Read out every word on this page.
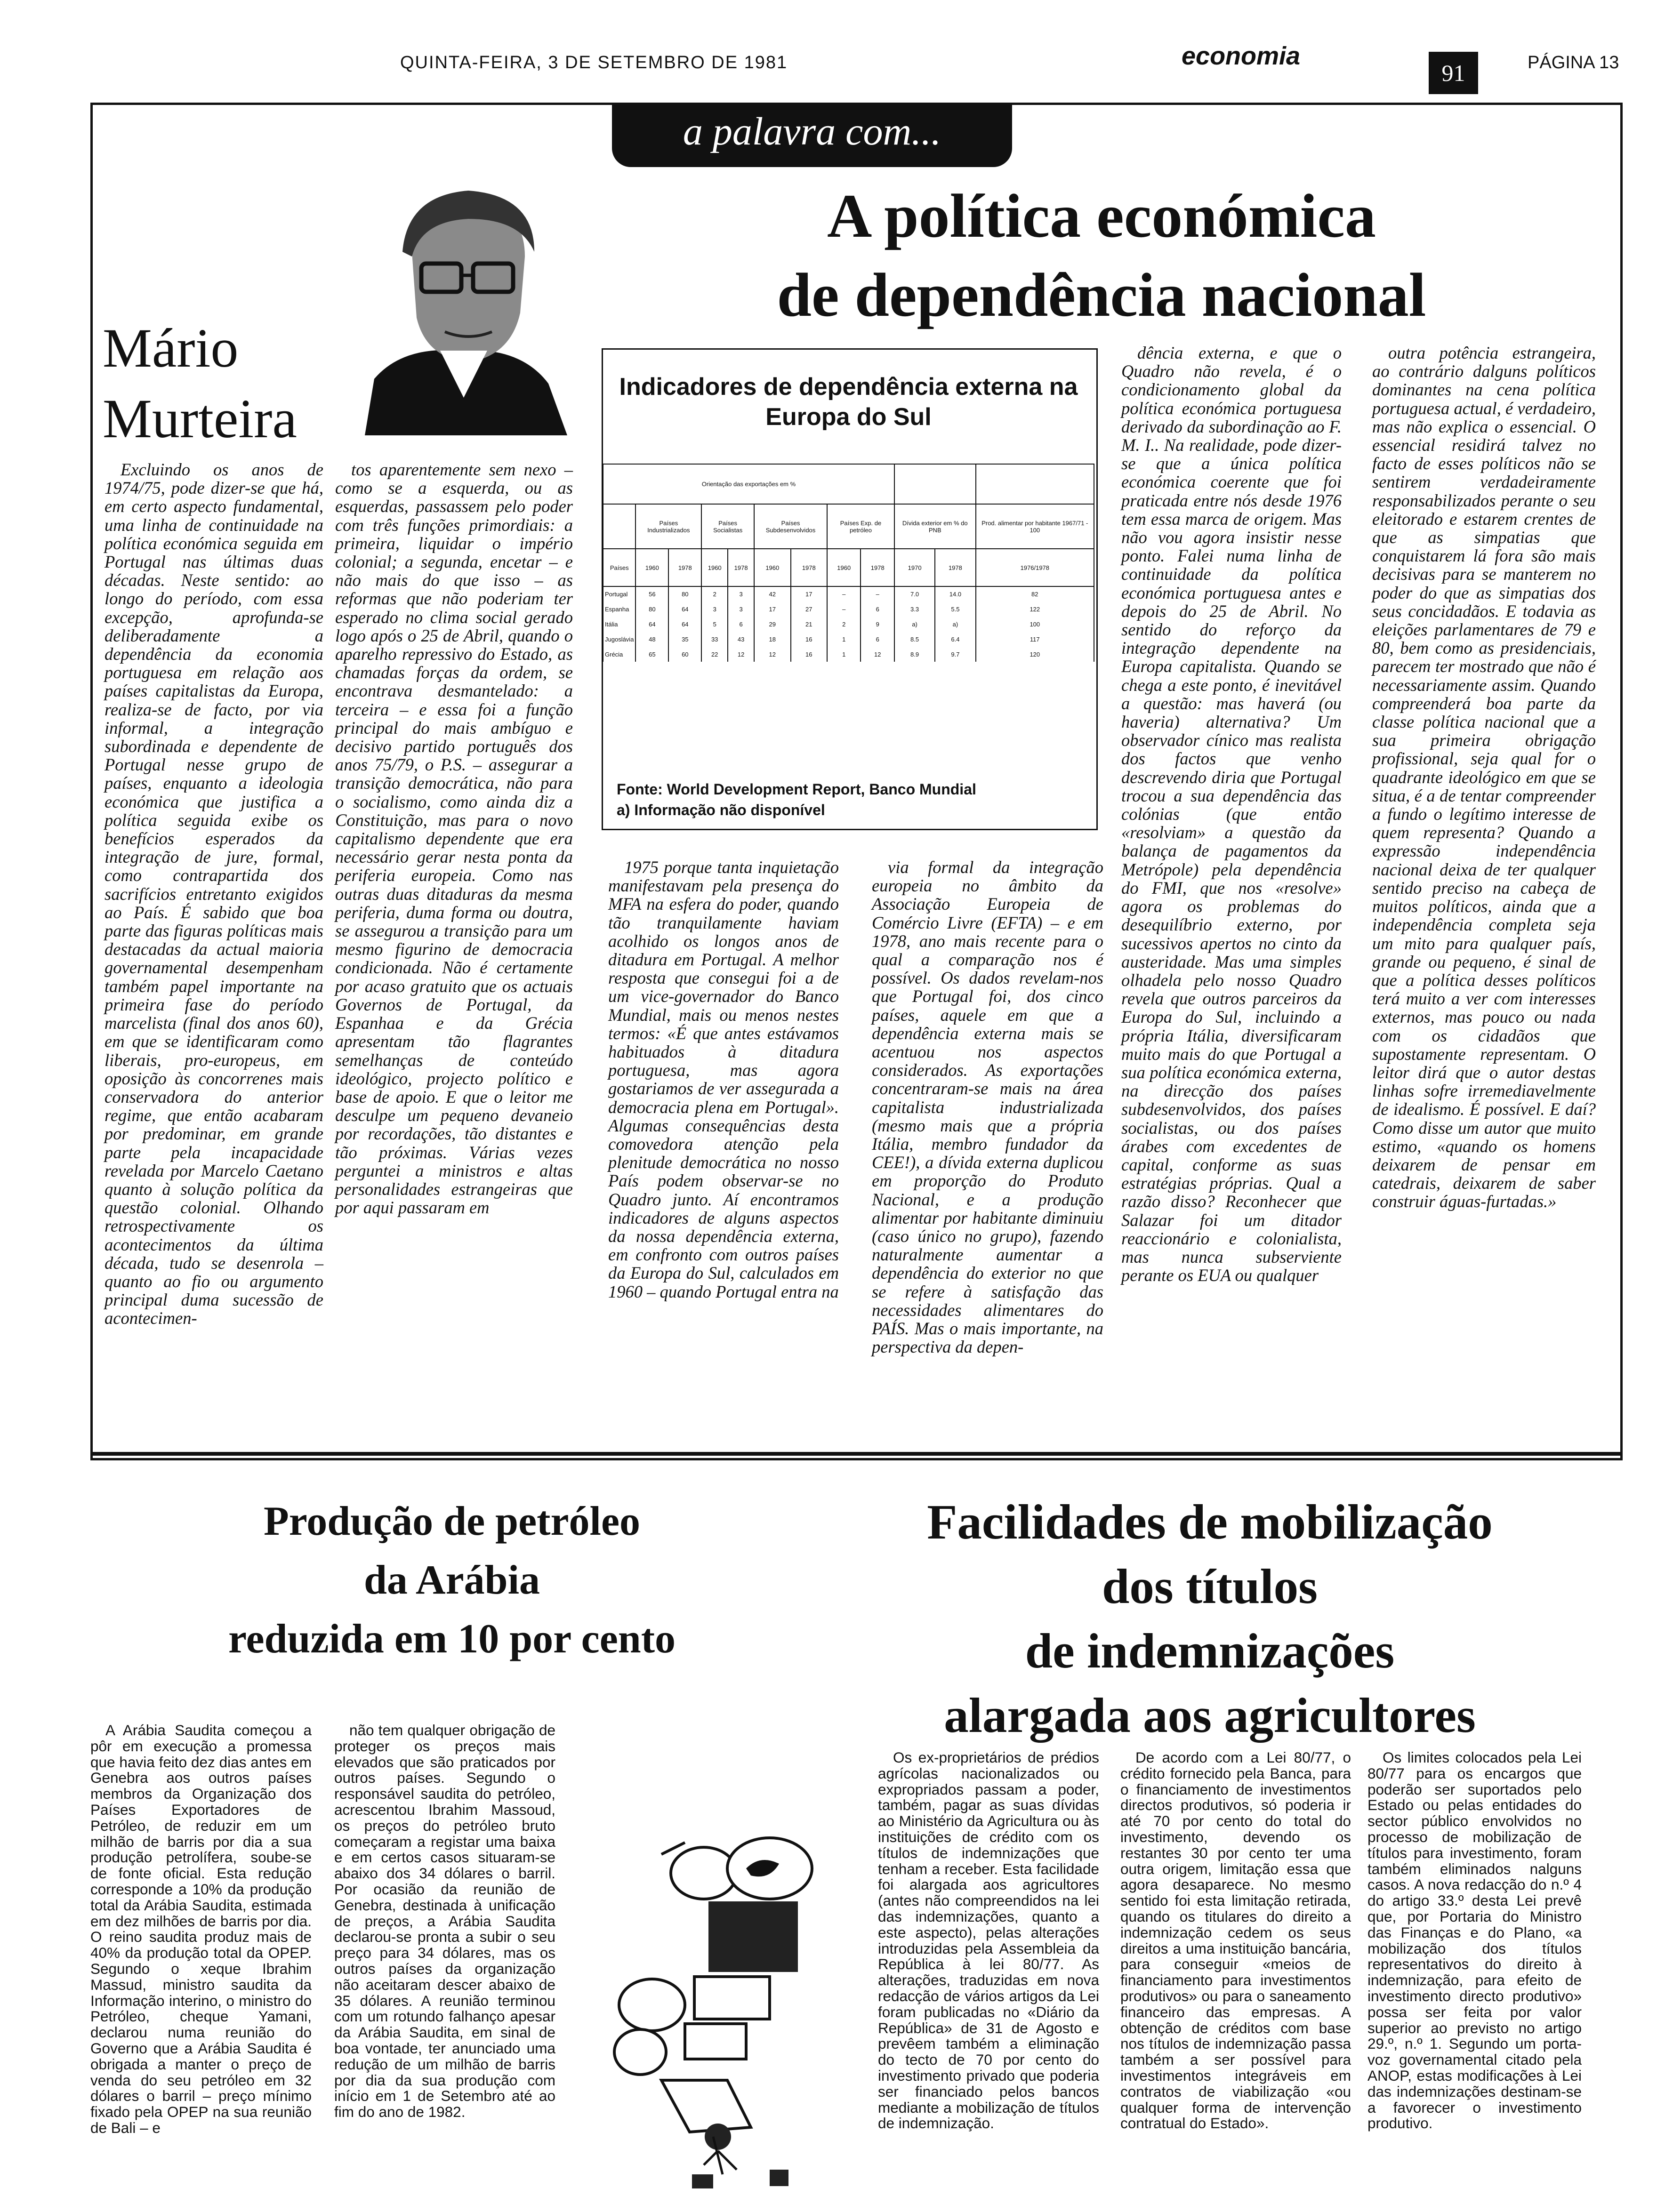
QUINTA-FEIRA, 3 DE SETEMBRO DE 1981	economia
91	PÁGINA 13
a palavra com...
A política económica
de dependência nacional
Mário
Murteira

Excluindo os anos de 1974/75, pode dizer-se que há, em certo aspecto fundamental, uma linha de continuidade na política económica seguida em Portugal nas últimas duas décadas. Neste sentido: ao longo do período, com essa excepção, aprofunda-se deliberadamente a dependência da economia portuguesa em relação aos países capitalistas da Europa, realiza-se de facto, por via informal, a integração subordinada e dependente de Portugal nesse grupo de países, enquanto a ideologia económica que justifica a política seguida exibe os benefícios esperados da integração de jure, formal, como contrapartida dos sacrifícios entretanto exigidos ao País. É sabido que boa parte das figuras políticas mais destacadas da actual maioria governamental desempenham também papel importante na primeira fase do período marcelista (final dos anos 60), em que se identificaram como liberais, pro-europeus, em oposição às concorrenes mais conservadora do anterior regime, que então acabaram por predominar, em grande parte pela incapacidade revelada por Marcelo Caetano quanto à solução política da questão colonial. Olhando retrospectivamente os acontecimentos da última década, tudo se desenrola – quanto ao fio ou argumento principal duma sucessão de acontecimen-

tos aparentemente sem nexo – como se a esquerda, ou as esquerdas, passassem pelo poder com três funções primordiais: a primeira, liquidar o império colonial; a segunda, encetar – e não mais do que isso – as reformas que não poderiam ter esperado no clima social gerado logo após o 25 de Abril, quando o aparelho repressivo do Estado, as chamadas forças da ordem, se encontrava desmantelado: a terceira – e essa foi a função principal do mais ambíguo e decisivo partido português dos anos 75/79, o P.S. – assegurar a transição democrática, não para o socialismo, como ainda diz a Constituição, mas para o novo capitalismo dependente que era necessário gerar nesta ponta da periferia europeia. Como nas outras duas ditaduras da mesma periferia, duma forma ou doutra, se assegurou a transição para um mesmo figurino de democracia condicionada. Não é certamente por acaso gratuito que os actuais Governos de Portugal, da Espanhaa e da Grécia apresentam tão flagrantes semelhanças de conteúdo ideológico, projecto político e base de apoio. E que o leitor me desculpe um pequeno devaneio por recordações, tão distantes e tão próximas. Várias vezes perguntei a ministros e altas personalidades estrangeiras que por aqui passaram em

1975 porque tanta inquietação manifestavam pela presença do MFA na esfera do poder, quando tão tranquilamente haviam acolhido os longos anos de ditadura em Portugal. A melhor resposta que consegui foi a de um vice-governador do Banco Mundial, mais ou menos nestes termos: «É que antes estávamos habituados à ditadura portuguesa, mas agora gostariamos de ver assegurada a democracia plena em Portugal». Algumas consequências desta comovedora atenção pela plenitude democrática no nosso País podem observar-se no Quadro junto. Aí encontramos indicadores de alguns aspectos da nossa dependência externa, em confronto com outros países da Europa do Sul, calculados em 1960 – quando Portugal entra na

via formal da integração europeia no âmbito da Associação Europeia de Comércio Livre (EFTA) – e em 1978, ano mais recente para o qual a comparação nos é possível. Os dados revelam-nos que Portugal foi, dos cinco países, aquele em que a dependência externa mais se acentuou nos aspectos considerados. As exportações concentraram-se mais na área capitalista industrializada (mesmo mais que a própria Itália, membro fundador da CEE!), a dívida externa duplicou em proporção do Produto Nacional, e a produção alimentar por habitante diminuiu (caso único no grupo), fazendo naturalmente aumentar a dependência do exterior no que se refere à satisfação das necessidades alimentares do PAÍS. Mas o mais importante, na perspectiva da depen-

dência externa, e que o Quadro não revela, é o condicionamento global da política económica portuguesa derivado da subordinação ao F. M. I.. Na realidade, pode dizer-se que a única política económica coerente que foi praticada entre nós desde 1976 tem essa marca de origem. Mas não vou agora insistir nesse ponto. Falei numa linha de continuidade da política económica portuguesa antes e depois do 25 de Abril. No sentido do reforço da integração dependente na Europa capitalista. Quando se chega a este ponto, é inevitável a questão: mas haverá (ou haveria) alternativa? Um observador cínico mas realista dos factos que venho descrevendo diria que Portugal trocou a sua dependência das colónias (que então «resolviam» a questão da balança de pagamentos da Metrópole) pela dependência do FMI, que nos «resolve» agora os problemas do desequilíbrio externo, por sucessivos apertos no cinto da austeridade. Mas uma simples olhadela pelo nosso Quadro revela que outros parceiros da Europa do Sul, incluindo a própria Itália, diversificaram muito mais do que Portugal a sua política económica externa, na direcção dos países subdesenvolvidos, dos países socialistas, ou dos países árabes com excedentes de capital, conforme as suas estratégias próprias. Qual a razão disso? Reconhecer que Salazar foi um ditador reaccionário e colonialista, mas nunca subserviente perante os EUA ou qualquer

outra potência estrangeira, ao contrário dalguns políticos dominantes na cena política portuguesa actual, é verdadeiro, mas não explica o essencial. O essencial residirá talvez no facto de esses políticos não se sentirem verdadeiramente responsabilizados perante o seu eleitorado e estarem crentes de que as simpatias que conquistarem lá fora são mais decisivas para se manterem no poder do que as simpatias dos seus concidadãos. E todavia as eleições parlamentares de 79 e 80, bem como as presidenciais, parecem ter mostrado que não é necessariamente assim. Quando compreenderá boa parte da classe política nacional que a sua primeira obrigação profissional, seja qual for o quadrante ideológico em que se situa, é a de tentar compreender a fundo o legítimo interesse de quem representa? Quando a expressão independência nacional deixa de ter qualquer sentido preciso na cabeça de muitos políticos, ainda que a independência completa seja um mito para qualquer país, grande ou pequeno, é sinal de que a política desses políticos terá muito a ver com interesses externos, mas pouco ou nada com os cidadãos que supostamente representam. O leitor dirá que o autor destas linhas sofre irremediavelmente de idealismo. É possível. E daí? Como disse um autor que muito estimo, «quando os homens deixarem de pensar em catedrais, deixarem de saber construir águas-furtadas.»

Indicadores de dependência externa na Europa do Sul
Orientação das exportações em %											
	Países Industrializados		Países Socialistas		Países Subdesenvolvidos		Países Exp. de petróleo		Dívida exterior em % do PNB		Prod. alimentar por habitante 1967/71 - 100
Países	1960	1978	1960	1978	1960	1978	1960	1978	1970	1978	1976/1978
Portugal	56	80	2	3	42	17	–	–	7.0	14.0	82
Espanha	80	64	3	3	17	27	–	6	3.3	5.5	122
Itália	64	64	5	6	29	21	2	9	a)	a)	100
Jugoslávia	48	35	33	43	18	16	1	6	8.5	6.4	117
Grécia	65	60	22	12	12	16	1	12	8.9	9.7	120
Fonte: World Development Report, Banco Mundial
a) Informação não disponível
Produção de petróleo
da Arábia
reduzida em 10 por cento

A Arábia Saudita começou a pôr em execução a promessa que havia feito dez dias antes em Genebra aos outros países membros da Organização dos Países Exportadores de Petróleo, de reduzir em um milhão de barris por dia a sua produção petrolífera, soube-se de fonte oficial. Esta redução corresponde a 10% da produção total da Arábia Saudita, estimada em dez milhões de barris por dia. O reino saudita produz mais de 40% da produção total da OPEP. Segundo o xeque Ibrahim Massud, ministro saudita da Informação interino, o ministro do Petróleo, cheque Yamani, declarou numa reunião do Governo que a Arábia Saudita é obrigada a manter o preço de venda do seu petróleo em 32 dólares o barril – preço mínimo fixado pela OPEP na sua reunião de Bali – e

não tem qualquer obrigação de proteger os preços mais elevados que são praticados por outros países. Segundo o responsável saudita do petróleo, acrescentou Ibrahim Massoud, os preços do petróleo bruto começaram a registar uma baixa e em certos casos situaram-se abaixo dos 34 dólares o barril. Por ocasião da reunião de Genebra, destinada à unificação de preços, a Arábia Saudita declarou-se pronta a subir o seu preço para 34 dólares, mas os outros países da organização não aceitaram descer abaixo de 35 dólares. A reunião terminou com um rotundo falhanço apesar da Arábia Saudita, em sinal de boa vontade, ter anunciado uma redução de um milhão de barris por dia da sua produção com início em 1 de Setembro até ao fim do ano de 1982.

Facilidades de mobilização
dos títulos
de indemnizações
alargada aos agricultores

Os ex-proprietários de prédios agrícolas nacionalizados ou expropriados passam a poder, também, pagar as suas dívidas ao Ministério da Agricultura ou às instituições de crédito com os títulos de indemnizações que tenham a receber. Esta facilidade foi alargada aos agricultores (antes não compreendidos na lei das indemnizações, quanto a este aspecto), pelas alterações introduzidas pela Assembleia da República à lei 80/77. As alterações, traduzidas em nova redacção de vários artigos da Lei foram publicadas no «Diário da República» de 31 de Agosto e prevêem também a eliminação do tecto de 70 por cento do investimento privado que poderia ser financiado pelos bancos mediante a mobilização de títulos de indemnização.

De acordo com a Lei 80/77, o crédito fornecido pela Banca, para o financiamento de investimentos directos produtivos, só poderia ir até 70 por cento do total do investimento, devendo os restantes 30 por cento ter uma outra origem, limitação essa que agora desaparece. No mesmo sentido foi esta limitação retirada, quando os titulares do direito a indemnização cedem os seus direitos a uma instituição bancária, para conseguir «meios de financiamento para investimentos produtivos» ou para o saneamento financeiro das empresas. A obtenção de créditos com base nos títulos de indemnização passa também a ser possível para investimentos integráveis em contratos de viabilização «ou qualquer forma de intervenção contratual do Estado».

Os limites colocados pela Lei 80/77 para os encargos que poderão ser suportados pelo Estado ou pelas entidades do sector público envolvidos no processo de mobilização de títulos para investimento, foram também eliminados nalguns casos. A nova redacção do n.º 4 do artigo 33.º desta Lei prevê que, por Portaria do Ministro das Finanças e do Plano, «a mobilização dos títulos representativos do direito à indemnização, para efeito de investimento directo produtivo» possa ser feita por valor superior ao previsto no artigo 29.º, n.º 1. Segundo um porta-voz governamental citado pela ANOP, estas modificações à Lei das indemnizações destinam-se a favorecer o investimento produtivo.
